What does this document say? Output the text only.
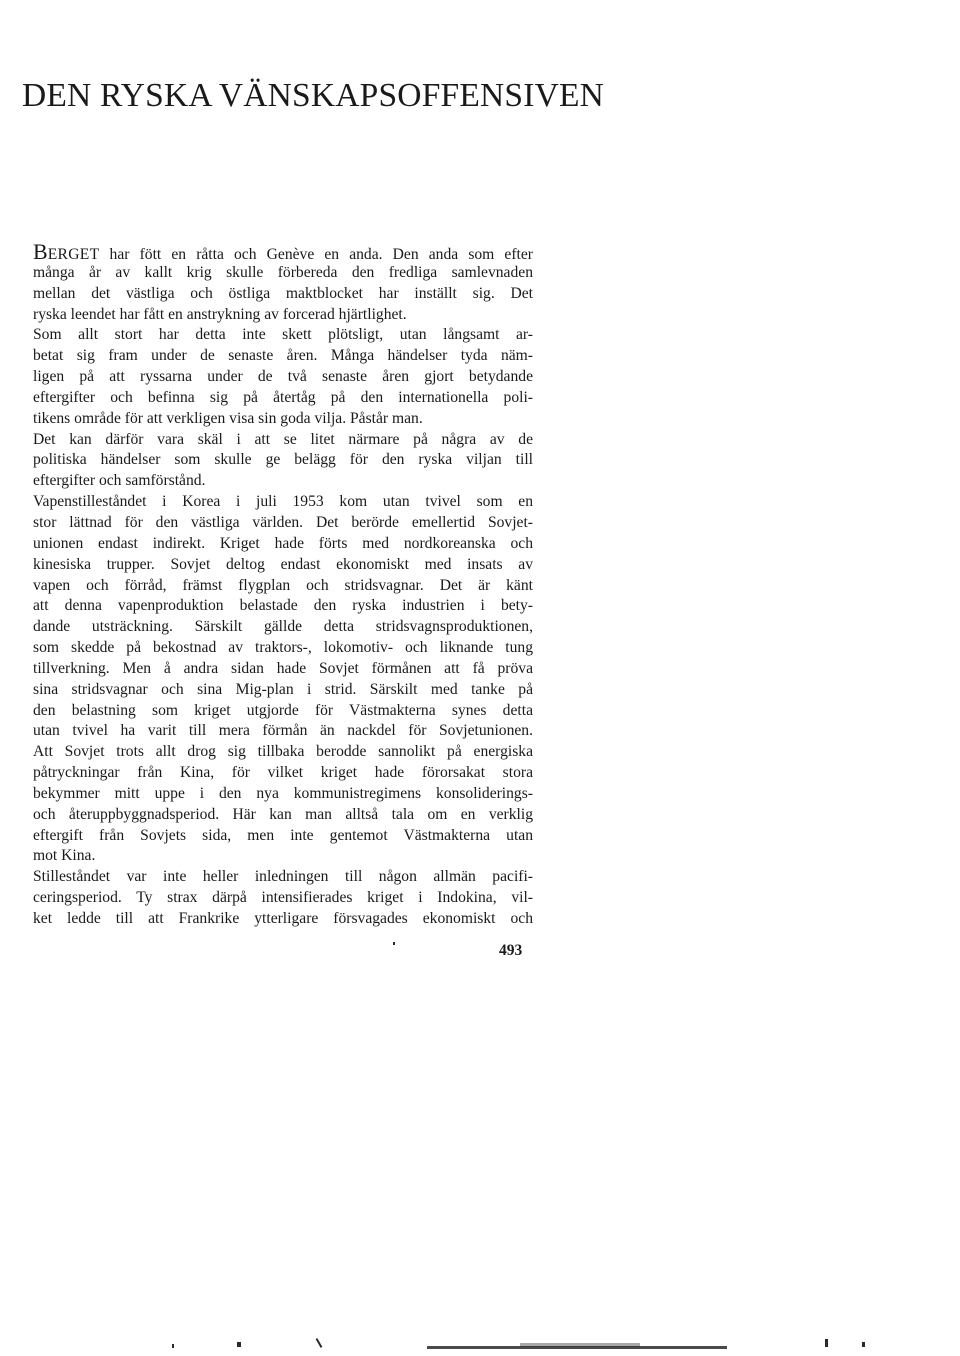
DEN RYSKA VÄNSKAPSOFFENSIVEN
BERGET har fött en råtta och Genève en anda. Den anda som efter
många år av kallt krig skulle förbereda den fredliga samlevnaden
mellan det västliga och östliga maktblocket har inställt sig. Det
ryska leendet har fått en anstrykning av forcerad hjärtlighet.
Som allt stort har detta inte skett plötsligt, utan långsamt ar-
betat sig fram under de senaste åren. Många händelser tyda näm-
ligen på att ryssarna under de två senaste åren gjort betydande
eftergifter och befinna sig på återtåg på den internationella poli-
tikens område för att verkligen visa sin goda vilja. Påstår man.
Det kan därför vara skäl i att se litet närmare på några av de
politiska händelser som skulle ge belägg för den ryska viljan till
eftergifter och samförstånd.
Vapenstilleståndet i Korea i juli 1953 kom utan tvivel som en
stor lättnad för den västliga världen. Det berörde emellertid Sovjet-
unionen endast indirekt. Kriget hade förts med nordkoreanska och
kinesiska trupper. Sovjet deltog endast ekonomiskt med insats av
vapen och förråd, främst flygplan och stridsvagnar. Det är känt
att denna vapenproduktion belastade den ryska industrien i bety-
dande utsträckning. Särskilt gällde detta stridsvagnsproduktionen,
som skedde på bekostnad av traktors-, lokomotiv- och liknande tung
tillverkning. Men å andra sidan hade Sovjet förmånen att få pröva
sina stridsvagnar och sina Mig-plan i strid. Särskilt med tanke på
den belastning som kriget utgjorde för Västmakterna synes detta
utan tvivel ha varit till mera förmån än nackdel för Sovjetunionen.
Att Sovjet trots allt drog sig tillbaka berodde sannolikt på energiska
påtryckningar från Kina, för vilket kriget hade förorsakat stora
bekymmer mitt uppe i den nya kommunistregimens konsoliderings-
och återuppbyggnadsperiod. Här kan man alltså tala om en verklig
eftergift från Sovjets sida, men inte gentemot Västmakterna utan
mot Kina.
Stilleståndet var inte heller inledningen till någon allmän pacifi-
ceringsperiod. Ty strax därpå intensifierades kriget i Indokina, vil-
ket ledde till att Frankrike ytterligare försvagades ekonomiskt och

493
